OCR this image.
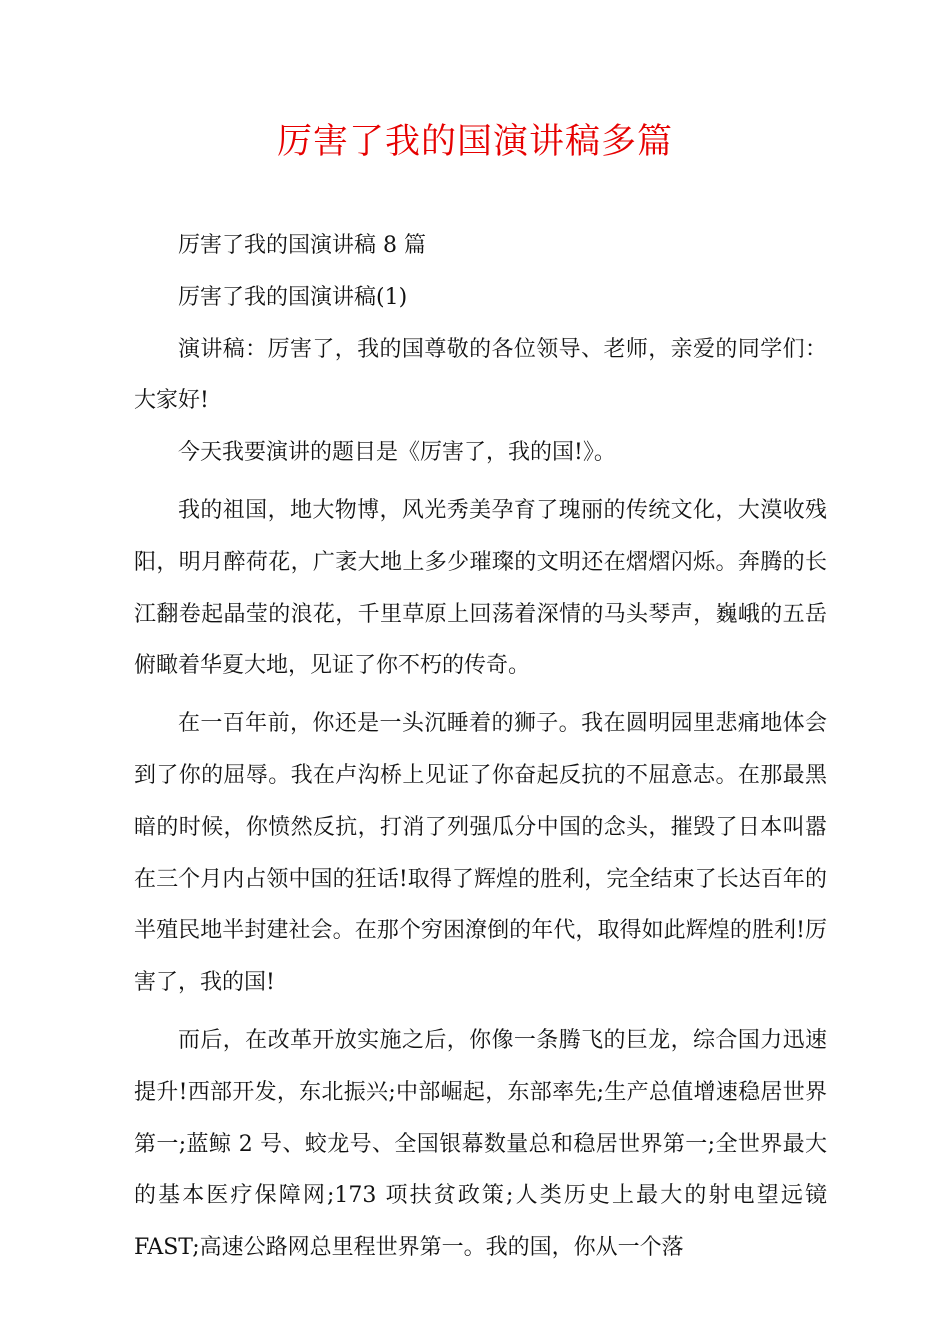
厉害了我的国演讲稿多篇

厉害了我的国演讲稿 8 篇

厉害了我的国演讲稿(1)

演讲稿：厉害了，我的国尊敬的各位领导、老师，亲爱的同学们：大家好!

今天我要演讲的题目是《厉害了，我的国!》。

我的祖国，地大物博，风光秀美孕育了瑰丽的传统文化，大漠收残阳，明月醉荷花，广袤大地上多少璀璨的文明还在熠熠闪烁。奔腾的长江翻卷起晶莹的浪花，千里草原上回荡着深情的马头琴声，巍峨的五岳俯瞰着华夏大地，见证了你不朽的传奇。

在一百年前，你还是一头沉睡着的狮子。我在圆明园里悲痛地体会到了你的屈辱。我在卢沟桥上见证了你奋起反抗的不屈意志。在那最黑暗的时候，你愤然反抗，打消了列强瓜分中国的念头，摧毁了日本叫嚣在三个月内占领中国的狂话!取得了辉煌的胜利，完全结束了长达百年的半殖民地半封建社会。在那个穷困潦倒的年代，取得如此辉煌的胜利!厉害了，我的国!

而后，在改革开放实施之后，你像一条腾飞的巨龙，综合国力迅速提升!西部开发，东北振兴;中部崛起，东部率先;生产总值增速稳居世界第一;蓝鲸 2 号、蛟龙号、全国银幕数量总和稳居世界第一;全世界最大的基本医疗保障网;173 项扶贫政策;人类历史上最大的射电望远镜 FAST;高速公路网总里程世界第一。我的国，你从一个落
